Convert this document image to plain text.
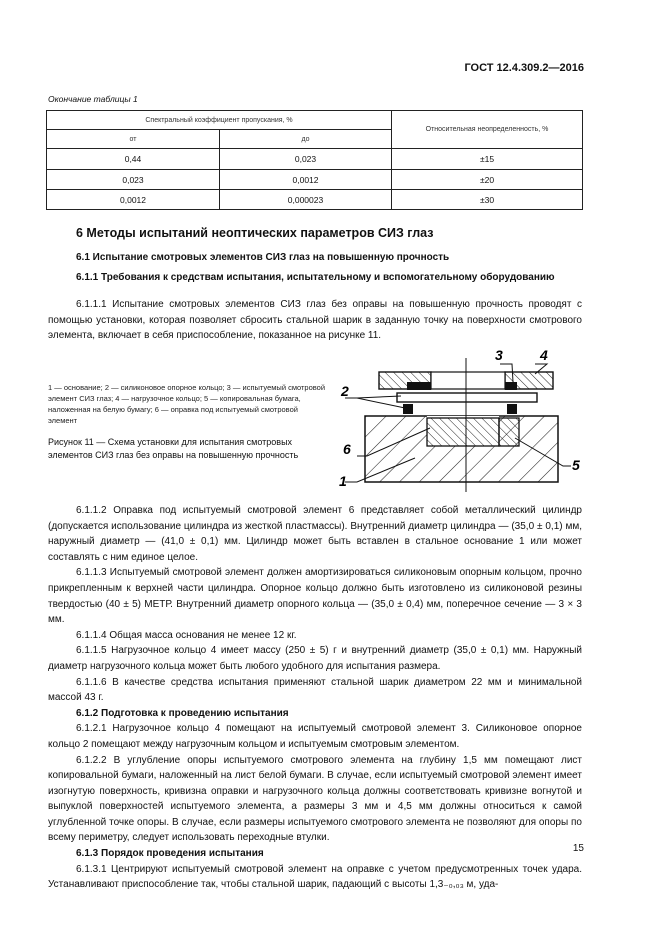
ГОСТ 12.4.309.2—2016
Окончание таблицы 1
Спектральный коэффициент пропускания, %		Относительная неопределенность, %
от	до	
0,44	0,023	±15
0,023	0,0012	±20
0,0012	0,000023	±30
6 Методы испытаний неоптических параметров СИЗ глаз
6.1 Испытание смотровых элементов СИЗ глаз на повышенную прочность
6.1.1 Требования к средствам испытания, испытательному и вспомогательному оборудованию

6.1.1.1 Испытание смотровых элементов СИЗ глаз без оправы на повышенную прочность проводят с помощью установки, которая позволяет сбросить стальной шарик в заданную точку на поверхности смотрового элемента, включает в себя приспособление, показанное на рисунке 11.

1 — основание; 2 — силиконовое опорное кольцо; 3 — испытуемый смотровой элемент СИЗ глаз; 4 — нагрузочное кольцо; 5 — копировальная бумага, наложенная на белую бумагу; 6 — оправка под испытуемый смотровой элемент
Рисунок 11 — Схема установки для испытания смотровых элементов СИЗ глаз без оправы на повышенную прочность
3	4
2
6
1
5

6.1.1.2 Оправка под испытуемый смотровой элемент 6 представляет собой металлический цилиндр (допускается использование цилиндра из жесткой пластмассы). Внутренний диаметр цилиндра — (35,0 ± 0,1) мм, наружный диаметр — (41,0 ± 0,1) мм. Цилиндр может быть вставлен в стальное основание 1 или может составлять с ним единое целое.

6.1.1.3 Испытуемый смотровой элемент должен амортизироваться силиконовым опорным кольцом, прочно прикрепленным к верхней части цилиндра. Опорное кольцо должно быть изготовлено из силиконовой резины твердостью (40 ± 5) МЕТР. Внутренний диаметр опорного кольца — (35,0 ± 0,4) мм, поперечное сечение — 3 × 3 мм.

6.1.1.4 Общая масса основания не менее 12 кг.

6.1.1.5 Нагрузочное кольцо 4 имеет массу (250 ± 5) г и внутренний диаметр (35,0 ± 0,1) мм. Наружный диаметр нагрузочного кольца может быть любого удобного для испытания размера.

6.1.1.6 В качестве средства испытания применяют стальной шарик диаметром 22 мм и минимальной массой 43 г.

6.1.2 Подготовка к проведению испытания

6.1.2.1 Нагрузочное кольцо 4 помещают на испытуемый смотровой элемент 3. Силиконовое опорное кольцо 2 помещают между нагрузочным кольцом и испытуемым смотровым элементом.

6.1.2.2 В углубление опоры испытуемого смотрового элемента на глубину 1,5 мм помещают лист копировальной бумаги, наложенный на лист белой бумаги. В случае, если испытуемый смотровой элемент имеет изогнутую поверхность, кривизна оправки и нагрузочного кольца должны соответствовать кривизне вогнутой и выпуклой поверхностей испытуемого элемента, а размеры 3 мм и 4,5 мм должны относиться к самой углубленной точке опоры. В случае, если размеры испытуемого смотрового элемента не позволяют для опоры по всему периметру, следует использовать переходные втулки.

6.1.3 Порядок проведения испытания

6.1.3.1 Центрируют испытуемый смотровой элемент на оправке с учетом предусмотренных точек удара. Устанавливают приспособление так, чтобы стальной шарик, падающий с высоты 1,3₋₀,₀₃ м, уда-

15
